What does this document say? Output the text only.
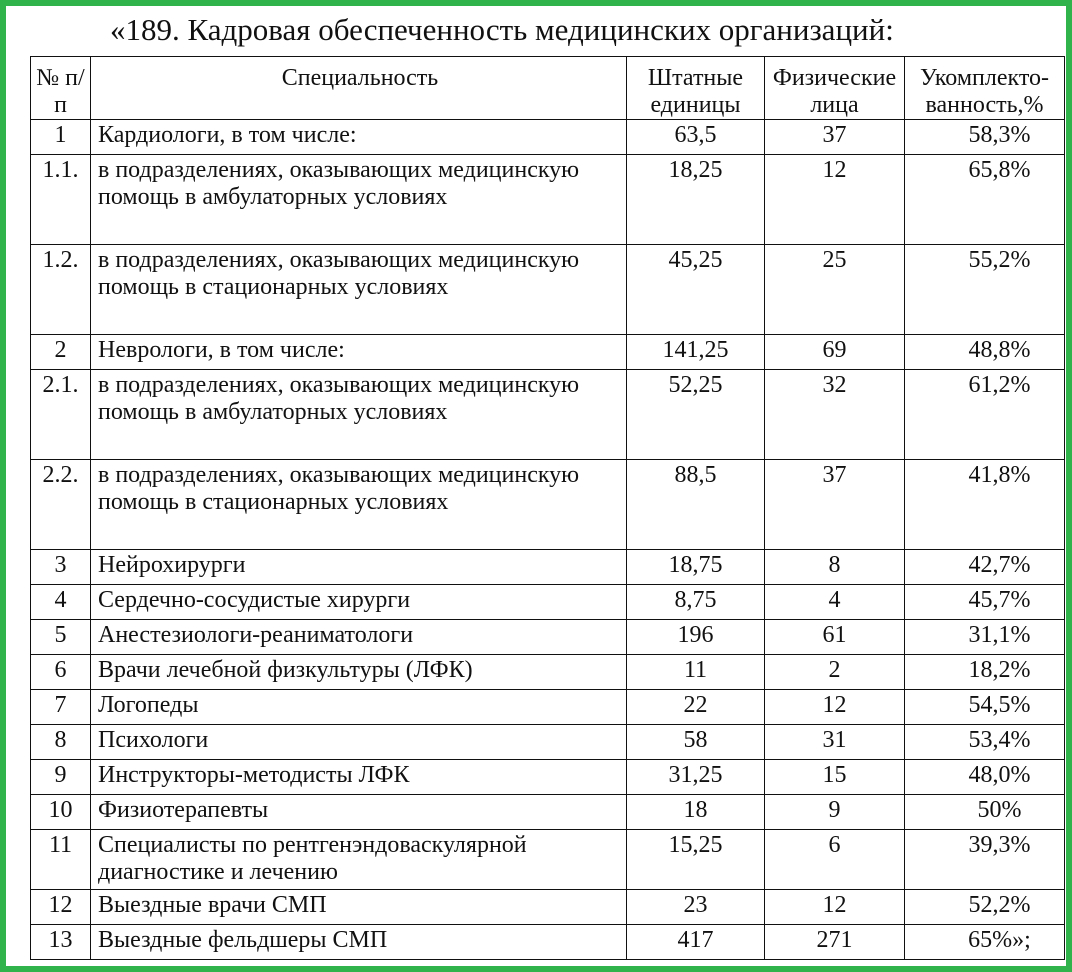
«189. Кадровая обеспеченность медицинских организаций:
№ п/п	Специальность	Штатные единицы	Физические лица	Укомплекто-ванность,%
1	Кардиологи, в том числе:	63,5	37	58,3%
1.1.	в подразделениях, оказывающих медицинскую помощь в амбулаторных условиях	18,25	12	65,8%
1.2.	в подразделениях, оказывающих медицинскую помощь в стационарных условиях	45,25	25	55,2%
2	Неврологи, в том числе:	141,25	69	48,8%
2.1.	в подразделениях, оказывающих медицинскую помощь в амбулаторных условиях	52,25	32	61,2%
2.2.	в подразделениях, оказывающих медицинскую помощь в стационарных условиях	88,5	37	41,8%
3	Нейрохирурги	18,75	8	42,7%
4	Сердечно-сосудистые хирурги	8,75	4	45,7%
5	Анестезиологи-реаниматологи	196	61	31,1%
6	Врачи лечебной физкультуры (ЛФК)	11	2	18,2%
7	Логопеды	22	12	54,5%
8	Психологи	58	31	53,4%
9	Инструкторы-методисты ЛФК	31,25	15	48,0%
10	Физиотерапевты	18	9	50%
11	Специалисты по рентгенэндоваскулярной диагностике и лечению	15,25	6	39,3%
12	Выездные врачи СМП	23	12	52,2%
13	Выездные фельдшеры СМП	417	271	65%»;
